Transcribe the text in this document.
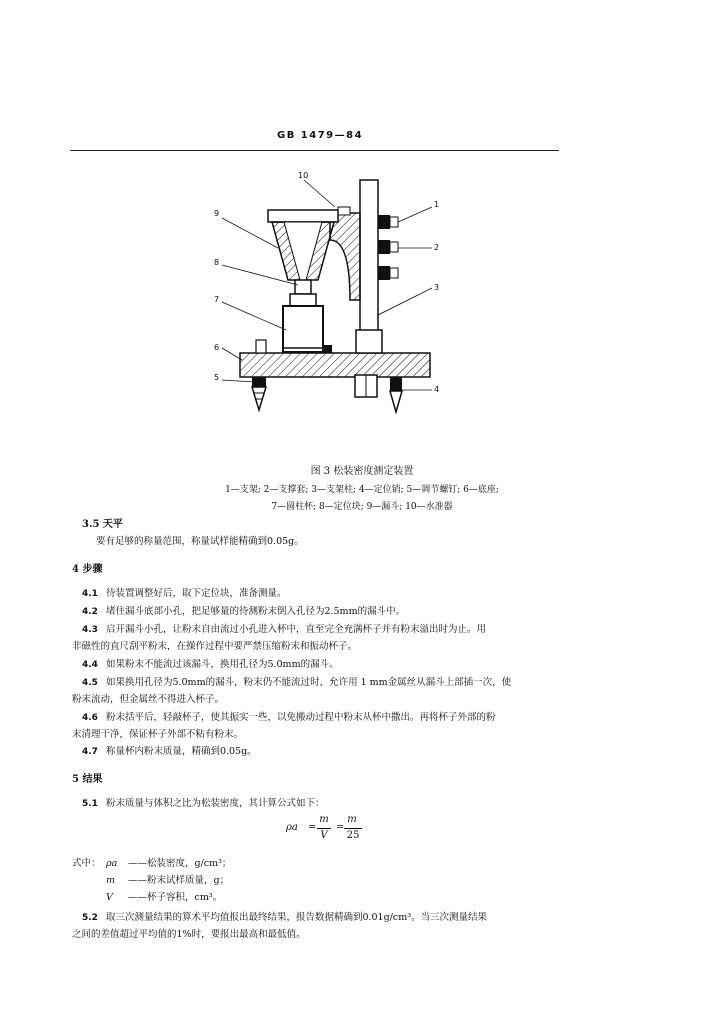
GB 1479—84
10
9
8
7
6
5
1
2
3
4
图 3 松装密度测定装置
1—支架; 2—支撑套; 3—支架柱; 4—定位销; 5—调节螺钉; 6—底座;
7—圆柱杯; 8—定位块; 9—漏斗; 10—水准器
3.5 天平
要有足够的称量范围，称量试样能精确到0.05g。
4 步骤
4.1 待装置调整好后，取下定位块，准备测量。
4.2 堵住漏斗底部小孔，把足够量的待测粉末倒入孔径为2.5mm的漏斗中。
4.3 启开漏斗小孔，让粉末自由流过小孔进入杯中，直至完全充满杯子并有粉末溢出时为止。用
非磁性的直尺刮平粉末，在操作过程中要严禁压缩粉末和振动杯子。
4.4 如果粉末不能流过该漏斗，换用孔径为5.0mm的漏斗。
4.5 如果换用孔径为5.0mm的漏斗，粉末仍不能流过时，允许用 1 mm金属丝从漏斗上部插一次，使
粉末流动，但金属丝不得进入杯子。
4.6 粉末括平后，轻敲杯子，使其振实一些，以免搬动过程中粉末从杯中撒出。再将杯子外部的粉
末清理干净，保证杯子外部不粘有粉末。
4.7 称量杯内粉末质量，精确到0.05g。
5 结果
5.1 粉末质量与体积之比为松装密度，其计算公式如下：
ρa =
m
V
=
m
25
式中： ρa ——松装密度，g/cm³；
m ——粉末试样质量，g；
V ——杯子容积，cm³。
5.2 取三次测量结果的算术平均值报出最终结果，报告数据精确到0.01g/cm³。当三次测量结果
之间的差值超过平均值的1%时，要报出最高和最低值。
